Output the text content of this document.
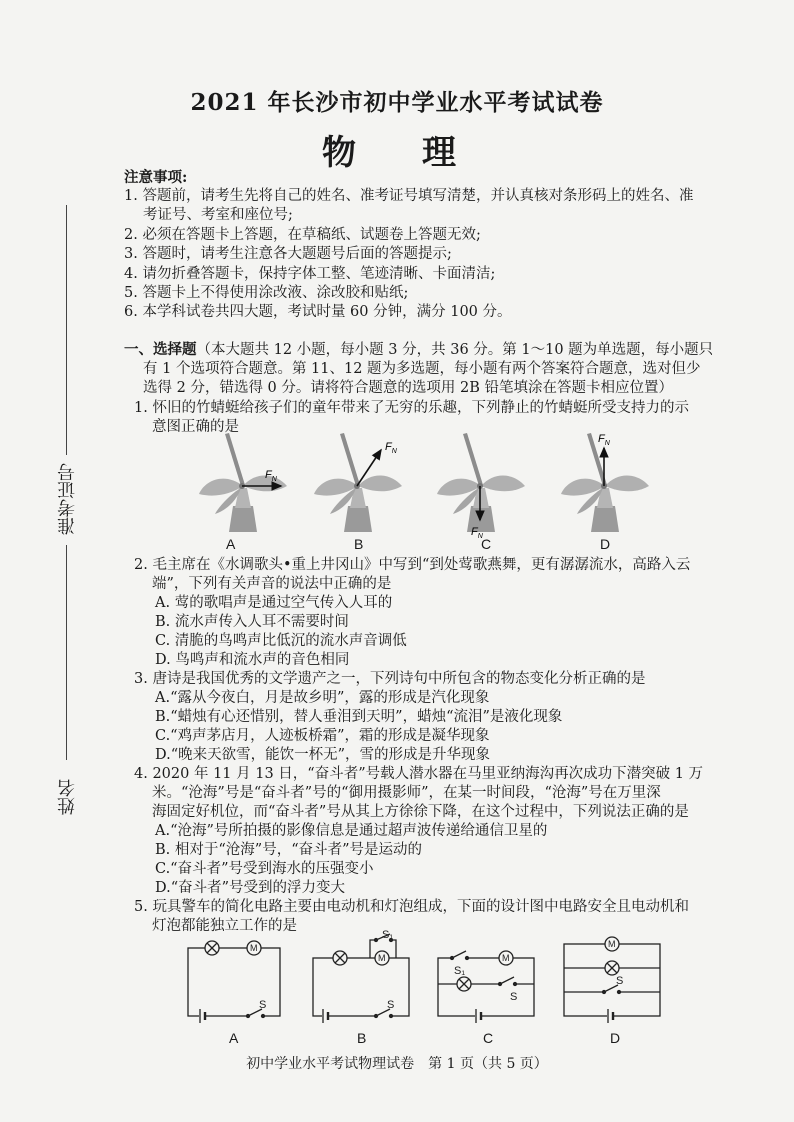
准考证号
姓名
2021 年长沙市初中学业水平考试试卷
物　理
注意事项:
1. 答题前，请考生先将自己的姓名、准考证号填写清楚，并认真核对条形码上的姓名、准
考证号、考室和座位号;
2. 必须在答题卡上答题，在草稿纸、试题卷上答题无效;
3. 答题时，请考生注意各大题题号后面的答题提示;
4. 请勿折叠答题卡，保持字体工整、笔迹清晰、卡面清洁;
5. 答题卡上不得使用涂改液、涂改胶和贴纸;
6. 本学科试卷共四大题，考试时量 60 分钟，满分 100 分。
一、选择题（本大题共 12 小题，每小题 3 分，共 36 分。第 1～10 题为单选题，每小题只
有 1 个选项符合题意。第 11、12 题为多选题，每小题有两个答案符合题意，选对但少
选得 2 分，错选得 0 分。请将符合题意的选项用 2B 铅笔填涂在答题卡相应位置）
1. 怀旧的竹蜻蜓给孩子们的童年带来了无穷的乐趣，下列静止的竹蜻蜓所受支持力的示
意图正确的是
$F_N$
$F_N$
$F_N$
$F_N$
A	B	C	D
2. 毛主席在《水调歌头•重上井冈山》中写到“到处莺歌燕舞，更有潺潺流水，高路入云
端”，下列有关声音的说法中正确的是
A. 莺的歌唱声是通过空气传入人耳的
B. 流水声传入人耳不需要时间
C. 清脆的鸟鸣声比低沉的流水声音调低
D. 鸟鸣声和流水声的音色相同
3. 唐诗是我国优秀的文学遗产之一，下列诗句中所包含的物态变化分析正确的是
A.“露从今夜白，月是故乡明”，露的形成是汽化现象
B.“蜡烛有心还惜别，替人垂泪到天明”，蜡烛“流泪”是液化现象
C.“鸡声茅店月，人迹板桥霜”，霜的形成是凝华现象
D.“晚来天欲雪，能饮一杯无”，雪的形成是升华现象
4. 2020 年 11 月 13 日，“奋斗者”号载人潜水器在马里亚纳海沟再次成功下潜突破 1 万
米。“沧海”号是“奋斗者”号的“御用摄影师”，在某一时间段，“沧海”号在万里深
海固定好机位，而“奋斗者”号从其上方徐徐下降，在这个过程中，下列说法正确的是
A.“沧海”号所拍摄的影像信息是通过超声波传递给通信卫星的
B. 相对于“沧海”号，“奋斗者”号是运动的
C.“奋斗者”号受到海水的压强变小
D.“奋斗者”号受到的浮力变大
5. 玩具警车的简化电路主要由电动机和灯泡组成，下面的设计图中电路安全且电动机和
灯泡都能独立工作的是
M
M	M
M
S	S
S₁
S₁
S
S
A	B	C	D
初中学业水平考试物理试卷　第 1 页（共 5 页）
